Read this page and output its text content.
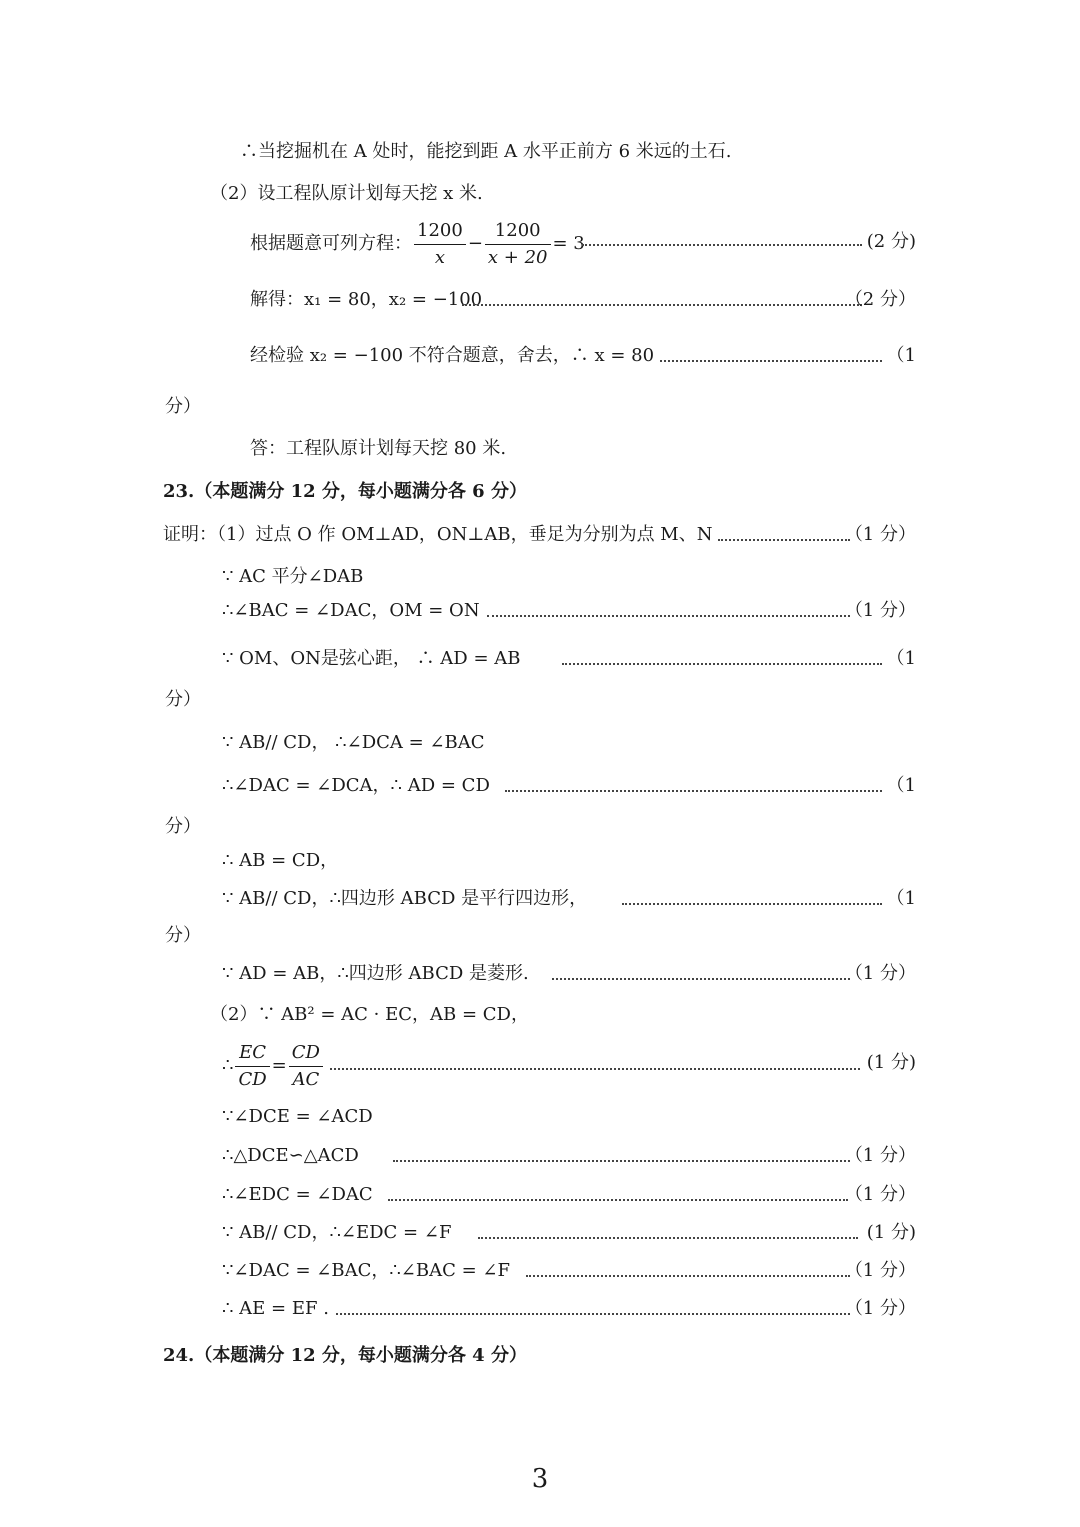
∴当挖掘机在 A 处时，能挖到距 A 水平正前方 6 米远的土石.
（2）设工程队原计划每天挖 x 米.
根据题意可列方程： $\frac{1200}{x} - \frac{1200}{x + 20} = 3$	(2 分)
解得：x₁ = 80，x₂ = −100	（2 分）
经检验 x₂ = −100 不符合题意，舍去，∴ x = 80	（1
分）
答：工程队原计划每天挖 80 米.
23.（本题满分 12 分，每小题满分各 6 分）
证明：（1）过点 O 作 OM⊥AD，ON⊥AB，垂足为分别为点 M、N	（1 分）
∵ AC 平分∠DAB
∴∠BAC = ∠DAC，OM = ON	（1 分）
∵ OM、ON是弦心距， ∴ AD = AB	（1
分）
∵ AB// CD， ∴∠DCA = ∠BAC
∴∠DAC = ∠DCA，∴ AD = CD	（1
分）
∴ AB = CD，
∵ AB// CD，∴四边形 ABCD 是平行四边形，	（1
分）
∵ AD = AB，∴四边形 ABCD 是菱形.	（1 分）
（2）∵ AB² = AC · EC，AB = CD，
∴ $\frac{EC}{CD} = \frac{CD}{AC}$	(1 分)
∵∠DCE = ∠ACD
∴△DCE∽△ACD	（1 分）
∴∠EDC = ∠DAC	（1 分）
∵ AB// CD，∴∠EDC = ∠F	(1 分)
∵∠DAC = ∠BAC，∴∠BAC = ∠F	（1 分）
∴ AE = EF .	（1 分）
24.（本题满分 12 分，每小题满分各 4 分）
3
